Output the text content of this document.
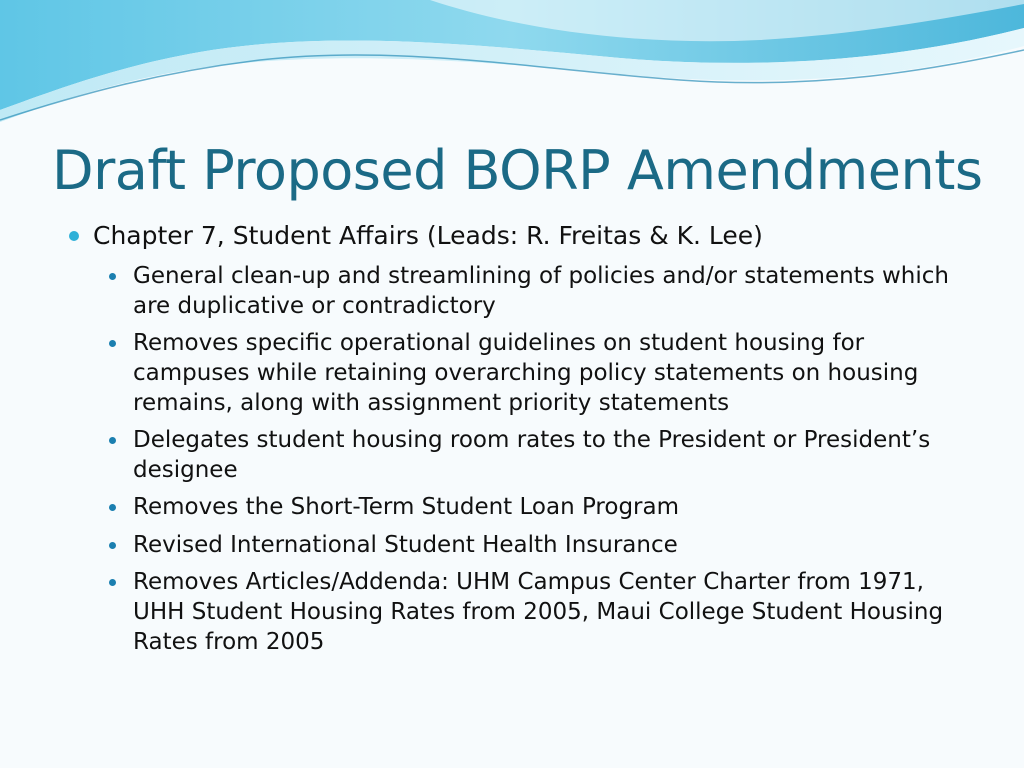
Draft Proposed BORP Amendments

Chapter 7, Student Affairs (Leads: R. Freitas & K. Lee)

General clean-up and streamlining of policies and/or statements which are duplicative or contradictory

Removes specific operational guidelines on student housing for campuses while retaining overarching policy statements on housing remains, along with assignment priority statements

Delegates student housing room rates to the President or President’s designee

Removes the Short-Term Student Loan Program

Revised International Student Health Insurance

Removes Articles/Addenda: UHM Campus Center Charter from 1971, UHH Student Housing Rates from 2005, Maui College Student Housing Rates from 2005
